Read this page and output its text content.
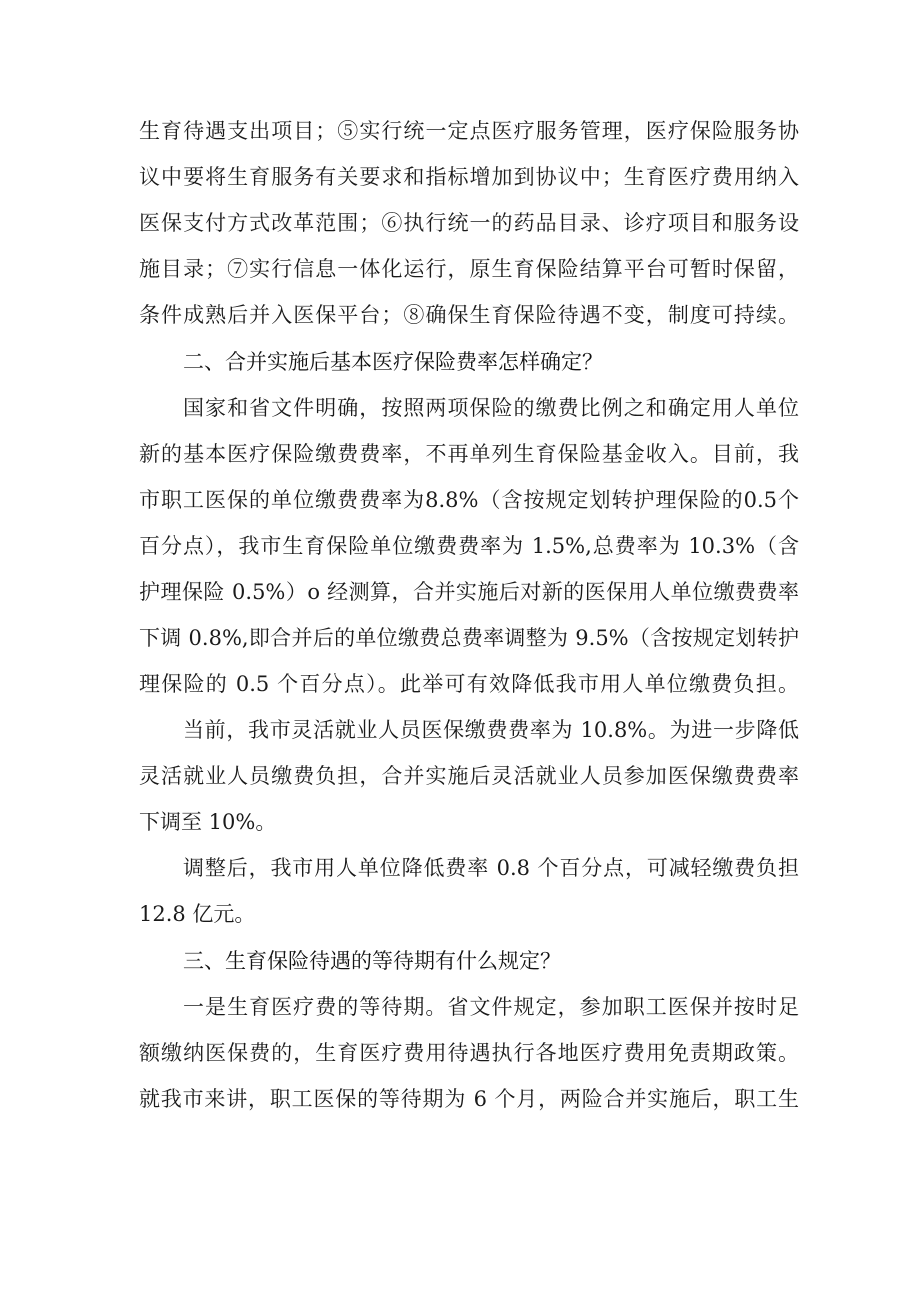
生育待遇支出项目；⑤实行统一定点医疗服务管理，医疗保险服务协
议中要将生育服务有关要求和指标增加到协议中；生育医疗费用纳入
医保支付方式改革范围；⑥执行统一的药品目录、诊疗项目和服务设
施目录；⑦实行信息一体化运行，原生育保险结算平台可暂时保留，
条件成熟后并入医保平台；⑧确保生育保险待遇不变，制度可持续。
二、合并实施后基本医疗保险费率怎样确定？
国家和省文件明确，按照两项保险的缴费比例之和确定用人单位
新的基本医疗保险缴费费率，不再单列生育保险基金收入。目前，我
市职工医保的单位缴费费率为8.8%（含按规定划转护理保险的0.5个
百分点），我市生育保险单位缴费费率为 1.5%,总费率为 10.3%（含
护理保险 0.5%）o 经测算，合并实施后对新的医保用人单位缴费费率
下调 0.8%,即合并后的单位缴费总费率调整为 9.5%（含按规定划转护
理保险的 0.5 个百分点）。此举可有效降低我市用人单位缴费负担。
当前，我市灵活就业人员医保缴费费率为 10.8%。为进一步降低
灵活就业人员缴费负担，合并实施后灵活就业人员参加医保缴费费率
下调至 10%。
调整后，我市用人单位降低费率 0.8 个百分点，可减轻缴费负担
12.8 亿元。
三、生育保险待遇的等待期有什么规定？
一是生育医疗费的等待期。省文件规定，参加职工医保并按时足
额缴纳医保费的，生育医疗费用待遇执行各地医疗费用免责期政策。
就我市来讲，职工医保的等待期为 6 个月，两险合并实施后，职工生
